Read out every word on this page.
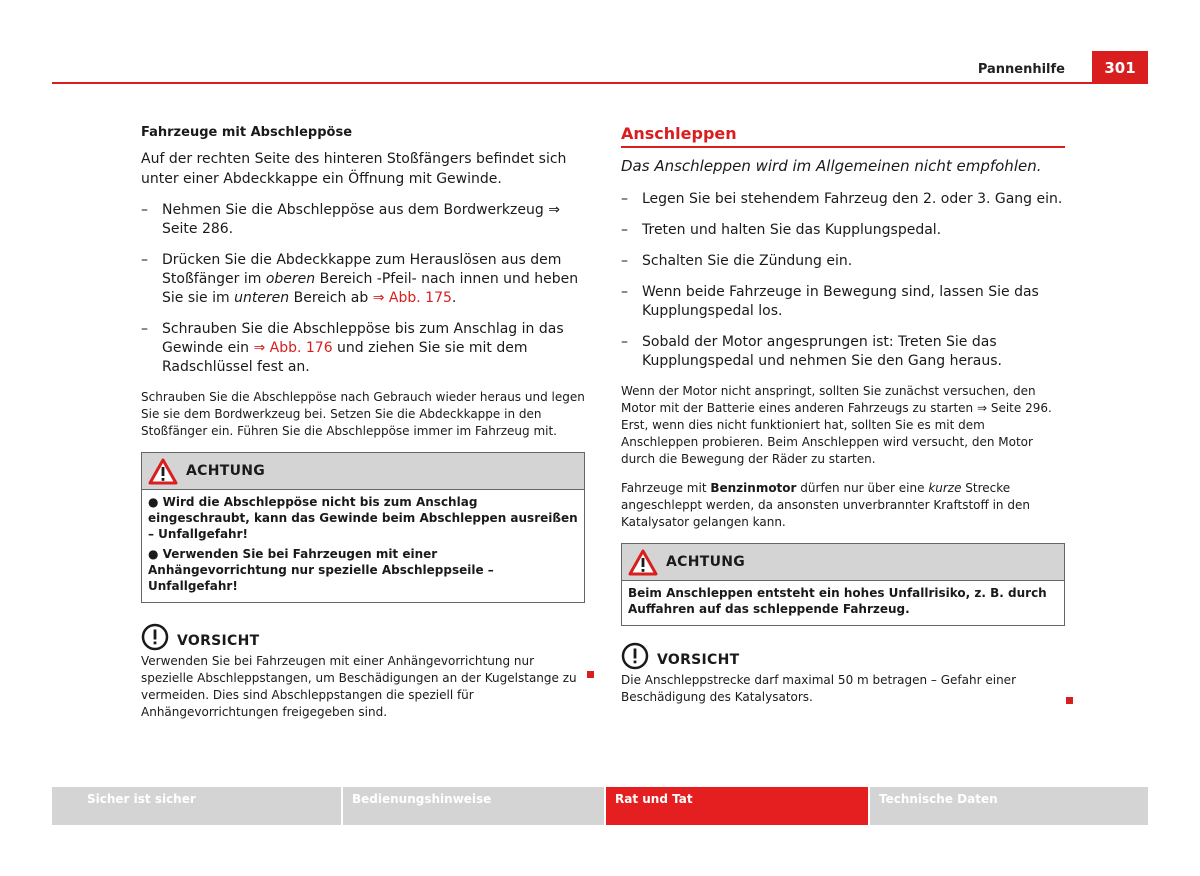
Pannenhilfe	301
Fahrzeuge mit Abschleppöse

Auf der rechten Seite des hinteren Stoßfängers befindet sich unter einer Abdeckkappe ein Öffnung mit Gewinde.

– Nehmen Sie die Abschleppöse aus dem Bordwerkzeug ⇒ Seite 286.
– Drücken Sie die Abdeckkappe zum Herauslösen aus dem Stoßfänger im oberen Bereich -Pfeil- nach innen und heben Sie sie im unteren Bereich ab ⇒ Abb. 175.
– Schrauben Sie die Abschleppöse bis zum Anschlag in das Gewinde ein ⇒ Abb. 176 und ziehen Sie sie mit dem Radschlüssel fest an.

Schrauben Sie die Abschleppöse nach Gebrauch wieder heraus und legen Sie sie dem Bordwerkzeug bei. Setzen Sie die Abdeckkappe in den Stoßfänger ein. Führen Sie die Abschleppöse immer im Fahrzeug mit.

ACHTUNG

● Wird die Abschleppöse nicht bis zum Anschlag eingeschraubt, kann das Gewinde beim Abschleppen ausreißen – Unfallgefahr!

● Verwenden Sie bei Fahrzeugen mit einer Anhängevorrichtung nur spezielle Abschleppseile – Unfallgefahr!

VORSICHT

Verwenden Sie bei Fahrzeugen mit einer Anhängevorrichtung nur spezielle Abschleppstangen, um Beschädigungen an der Kugelstange zu vermeiden. Dies sind Abschleppstangen die speziell für Anhängevorrichtungen freigegeben sind.

Anschleppen
Das Anschleppen wird im Allgemeinen nicht empfohlen.
– Legen Sie bei stehendem Fahrzeug den 2. oder 3. Gang ein.
– Treten und halten Sie das Kupplungspedal.
– Schalten Sie die Zündung ein.
– Wenn beide Fahrzeuge in Bewegung sind, lassen Sie das Kupplungspedal los.
– Sobald der Motor angesprungen ist: Treten Sie das Kupplungspedal und nehmen Sie den Gang heraus.

Wenn der Motor nicht anspringt, sollten Sie zunächst versuchen, den Motor mit der Batterie eines anderen Fahrzeugs zu starten ⇒ Seite 296. Erst, wenn dies nicht funktioniert hat, sollten Sie es mit dem Anschleppen probieren. Beim Anschleppen wird versucht, den Motor durch die Bewegung der Räder zu starten.

Fahrzeuge mit Benzinmotor dürfen nur über eine kurze Strecke angeschleppt werden, da ansonsten unverbrannter Kraftstoff in den Katalysator gelangen kann.

ACHTUNG

Beim Anschleppen entsteht ein hohes Unfallrisiko, z. B. durch Auffahren auf das schleppende Fahrzeug.

VORSICHT

Die Anschleppstrecke darf maximal 50 m betragen – Gefahr einer Beschädigung des Katalysators.

Sicher ist sicher	Bedienungshinweise	Rat und Tat	Technische Daten
